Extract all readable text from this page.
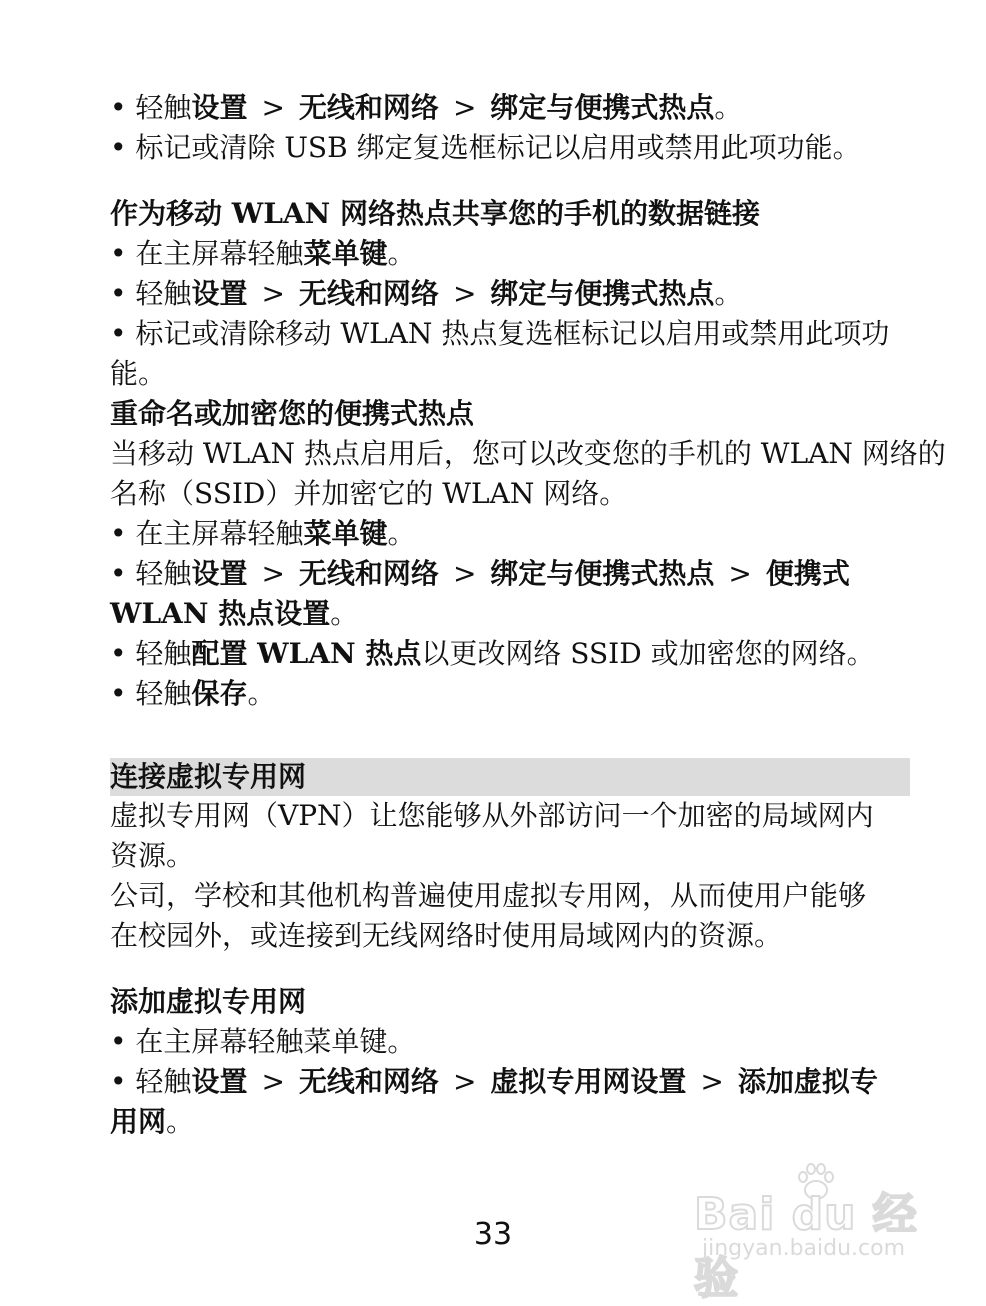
• 轻触设置 > 无线和网络 > 绑定与便携式热点。
• 标记或清除 USB 绑定复选框标记以启用或禁用此项功能。
作为移动 WLAN 网络热点共享您的手机的数据链接
• 在主屏幕轻触菜单键。
• 轻触设置 > 无线和网络 > 绑定与便携式热点。
• 标记或清除移动 WLAN 热点复选框标记以启用或禁用此项功
能。
重命名或加密您的便携式热点
当移动 WLAN 热点启用后，您可以改变您的手机的 WLAN 网络的
名称（SSID）并加密它的 WLAN 网络。
• 在主屏幕轻触菜单键。
• 轻触设置 > 无线和网络 > 绑定与便携式热点 > 便携式
WLAN 热点设置。
• 轻触配置 WLAN 热点以更改网络 SSID 或加密您的网络。
• 轻触保存。
连接虚拟专用网
虚拟专用网（VPN）让您能够从外部访问一个加密的局域网内
资源。
公司，学校和其他机构普遍使用虚拟专用网，从而使用户能够
在校园外，或连接到无线网络时使用局域网内的资源。
添加虚拟专用网
• 在主屏幕轻触菜单键。
• 轻触设置 > 无线和网络 > 虚拟专用网设置 > 添加虚拟专
用网。
33	Bai du 经验
jingyan.baidu.com
